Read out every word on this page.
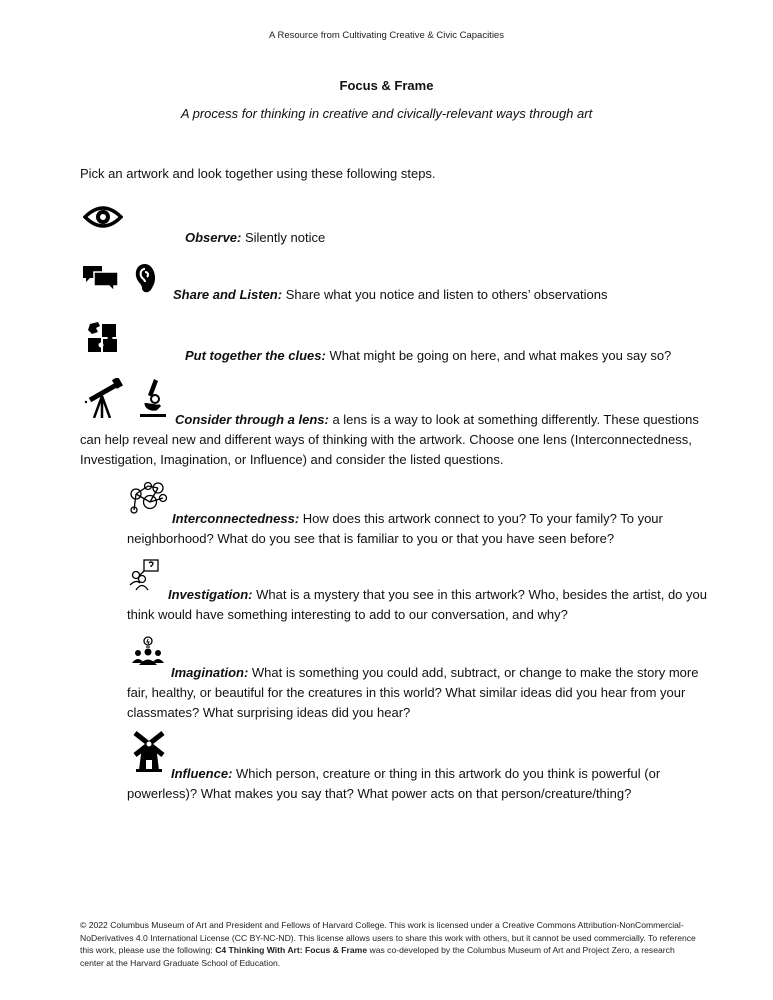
A Resource from Cultivating Creative & Civic Capacities
Focus & Frame
A process for thinking in creative and civically-relevant ways through art
Pick an artwork and look together using these following steps.
Observe: Silently notice
Share and Listen: Share what you notice and listen to others’ observations
Put together the clues: What might be going on here, and what makes you say so?
Consider through a lens: a lens is a way to look at something differently. These questions can help reveal new and different ways of thinking with the artwork. Choose one lens (Interconnectedness, Investigation, Imagination, or Influence) and consider the listed questions.
Interconnectedness: How does this artwork connect to you? To your family? To your neighborhood? What do you see that is familiar to you or that you have seen before?
Investigation: What is a mystery that you see in this artwork? Who, besides the artist, do you think would have something interesting to add to our conversation, and why?
Imagination: What is something you could add, subtract, or change to make the story more fair, healthy, or beautiful for the creatures in this world? What similar ideas did you hear from your classmates? What surprising ideas did you hear?
Influence: Which person, creature or thing in this artwork do you think is powerful (or powerless)? What makes you say that? What power acts on that person/creature/thing?
© 2022 Columbus Museum of Art and President and Fellows of Harvard College. This work is licensed under a Creative Commons Attribution-NonCommercial-NoDerivatives 4.0 International License (CC BY-NC-ND). This license allows users to share this work with others, but it cannot be used commercially. To reference this work, please use the following: C4 Thinking With Art: Focus & Frame was co-developed by the Columbus Museum of Art and Project Zero, a research center at the Harvard Graduate School of Education.
